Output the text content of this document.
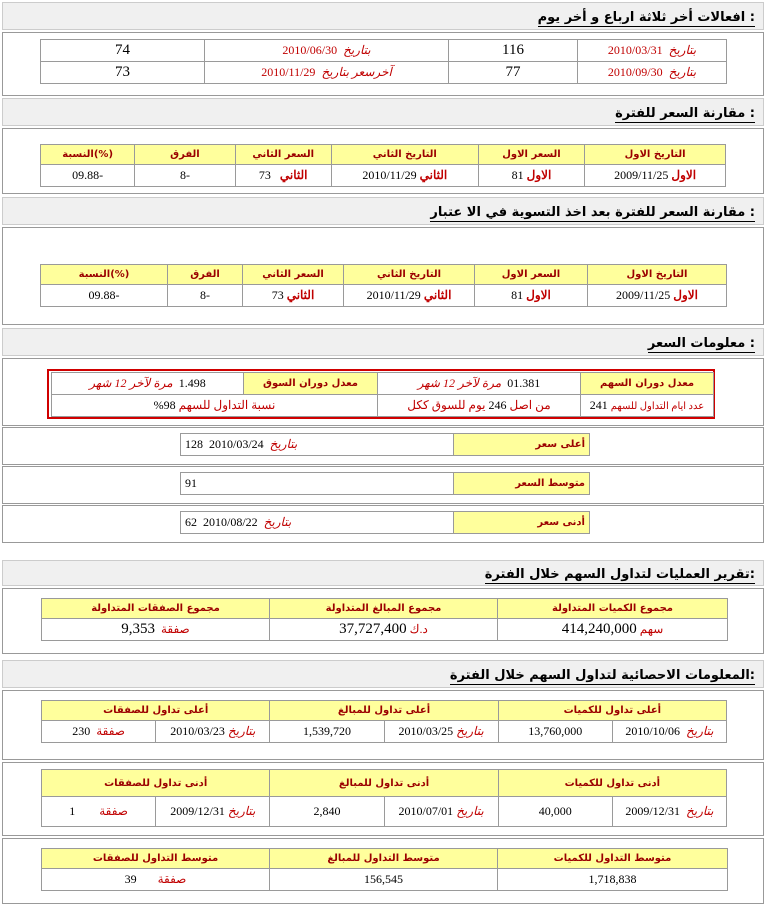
افعالات أخر ثلاثة ارباع و أخر يوم :
بتاريخ  2010/03/31	116	بتاريخ  2010/06/30	74
بتاريخ  2010/09/30	77	آخرسعر بتاريخ  2010/11/29	73
مقارنة السعر للفترة :
التاريخ الاول	السعر الاول	التاريخ الثاني	السعر الثاني	الفرق	(%)النسبة
الاول 2009/11/25	الاول 81	الثاني 2010/11/29	الثاني   73	-8	-09.88
مقارنة السعر للفترة بعد اخذ التسوية في الا عتبار :
التاريخ الاول	السعر الاول	التاريخ الثاني	السعر الثاني	الفرق	(%)النسبة
الاول 2009/11/25	الاول 81	الثاني 2010/11/29	الثاني 73	-8	-09.88
معلومات السعر :
معدل دوران السهم	01.381  مرة لآخر 12 شهر	معدل دوران السوق	1.498  مرة لآخر 12 شهر
عدد ايام التداول للسهم 241	من اصل 246 يوم للسوق ككل	نسبة التداول للسهم 98%	
أعلى سعر	128 2010/03/24 بتاريخ
متوسط السعر	91
أدنى سعر	62 2010/08/22 بتاريخ
تقرير العمليات لتداول السهم خلال الفترة:
مجموع الكميات المتداولة	مجموع المبالغ المتداولة	مجموع الصفقات المتداولة
سهم 414,240,000	د.ك 37,727,400	صفقة  9,353
المعلومات الاحصائية لتداول السهم خلال الفترة:
أعلى تداول للكميات		أعلى تداول للمبالغ		أعلى تداول للصفقات	
بتاريخ  2010/10/06	13,760,000	بتاريخ 2010/03/25	1,539,720	بتاريخ 2010/03/23	صفقة  230
أدنى تداول للكميات		أدنى تداول للمبالغ		أدنى تداول للصفقات	
بتاريخ  2009/12/31	40,000	بتاريخ 2010/07/01	2,840	بتاريخ 2009/12/31	صفقة        1
متوسط التداول للكميات	متوسط التداول للمبالغ	متوسط التداول للصفقات
1,718,838	156,545	صفقة       39
